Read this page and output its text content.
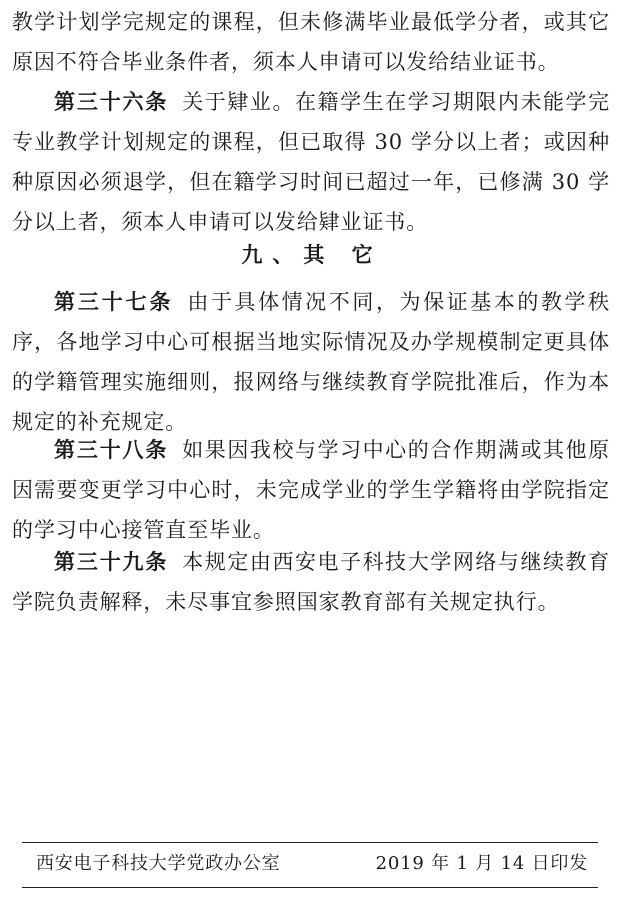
教学计划学完规定的课程，但未修满毕业最低学分者，或其它原因不符合毕业条件者，须本人申请可以发给结业证书。

第三十六条 关于肄业。在籍学生在学习期限内未能学完专业教学计划规定的课程，但已取得 30 学分以上者；或因种种原因必须退学，但在籍学习时间已超过一年，已修满 30 学分以上者，须本人申请可以发给肄业证书。

九、其 它

第三十七条 由于具体情况不同，为保证基本的教学秩序，各地学习中心可根据当地实际情况及办学规模制定更具体的学籍管理实施细则，报网络与继续教育学院批准后，作为本规定的补充规定。

第三十八条 如果因我校与学习中心的合作期满或其他原因需要变更学习中心时，未完成学业的学生学籍将由学院指定的学习中心接管直至毕业。

第三十九条 本规定由西安电子科技大学网络与继续教育学院负责解释，未尽事宜参照国家教育部有关规定执行。

西安电子科技大学党政办公室	2019 年 1 月 14 日印发
